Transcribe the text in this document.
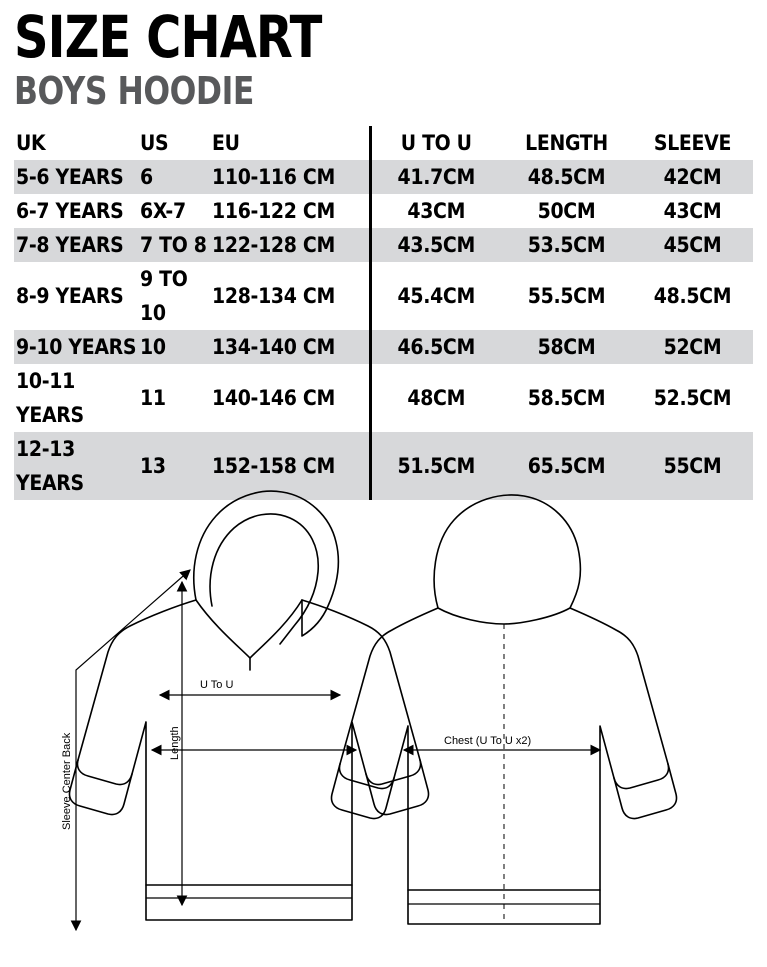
SIZE CHART
BOYS HOODIE
UK	US	EU	U TO U	LENGTH	SLEEVE
5-6 YEARS	6	110-116 CM	41.7CM	48.5CM	42CM
6-7 YEARS	6X-7	116-122 CM	43CM	50CM	43CM
7-8 YEARS	7 TO 8	122-128 CM	43.5CM	53.5CM	45CM
8-9 YEARS	9 TO 10	128-134 CM	45.4CM	55.5CM	48.5CM
9-10 YEARS	10	134-140 CM	46.5CM	58CM	52CM
10-11 YEARS	11	140-146 CM	48CM	58.5CM	52.5CM
12-13 YEARS	13	152-158 CM	51.5CM	65.5CM	55CM
U To U
Length
Sleeve Center Back	Chest (U To U x2)
